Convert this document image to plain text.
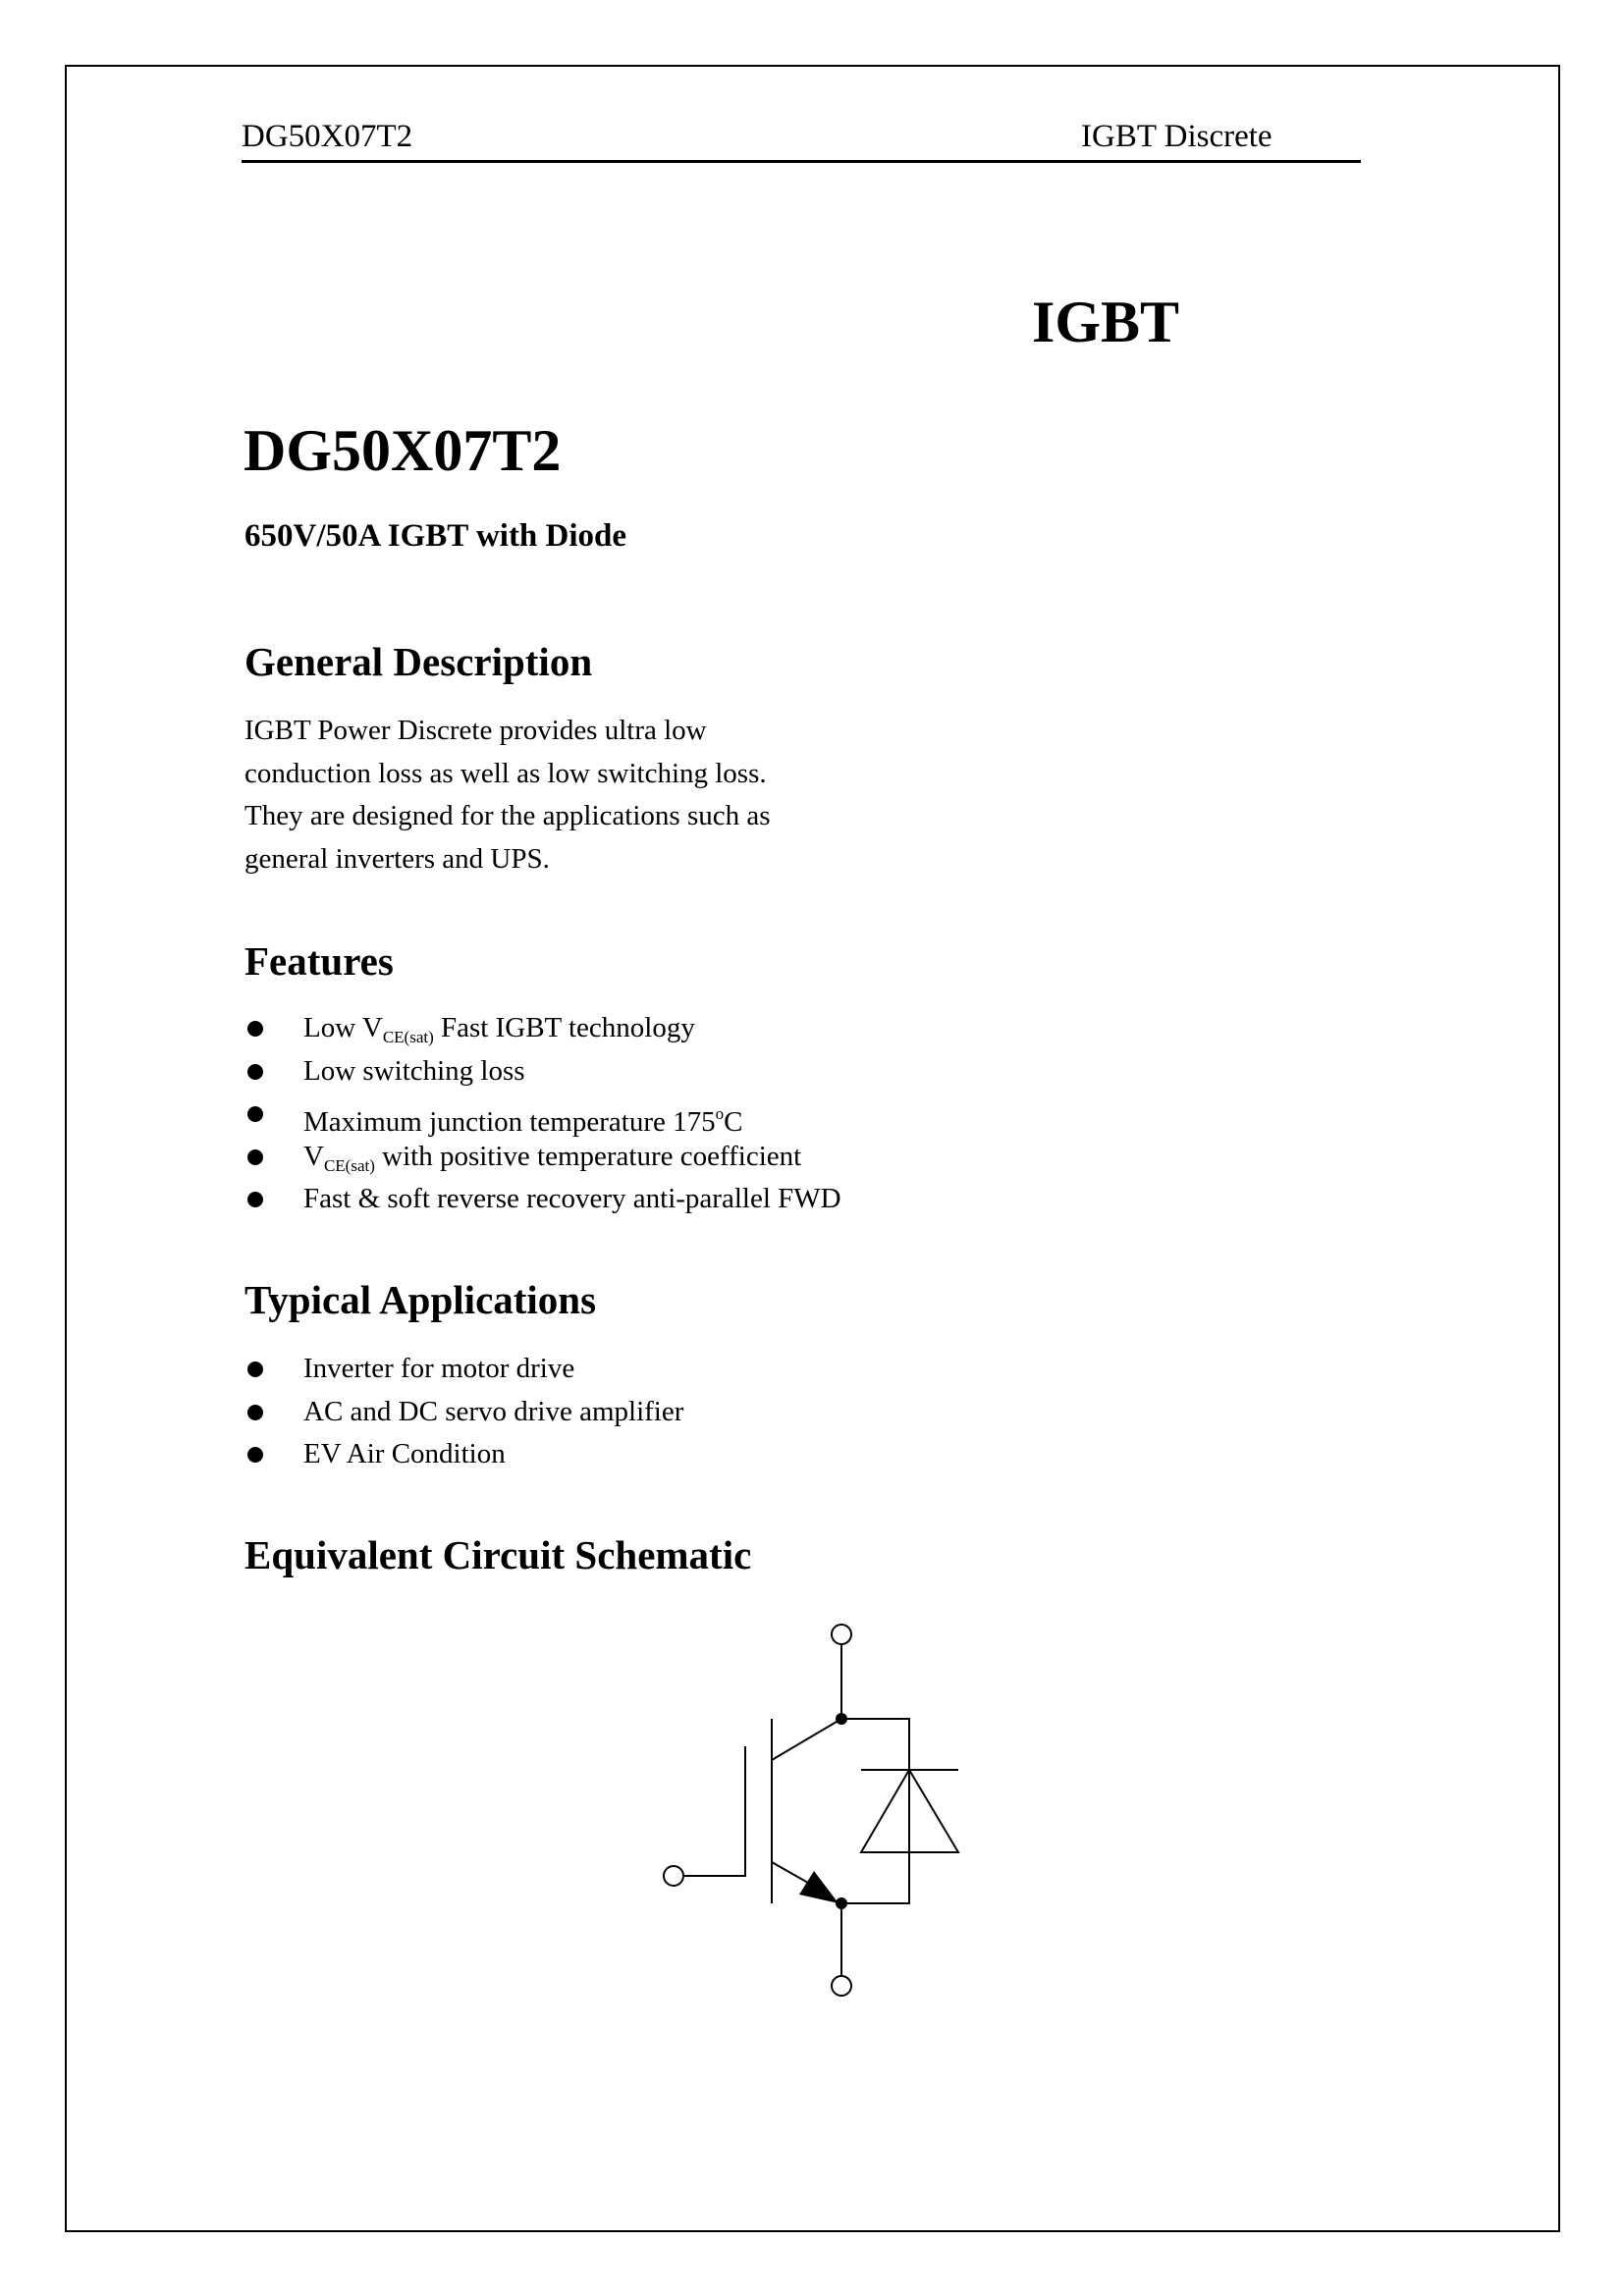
DG50X07T2	IGBT Discrete
IGBT
DG50X07T2
650V/50A IGBT with Diode
General Description
IGBT Power Discrete provides ultra low
conduction loss as well as low switching loss.
They are designed for the applications such as
general inverters and UPS.
Features
Low $V_{CE(sat)}$ Fast IGBT technology
Low switching loss
Maximum junction temperature 175$^o$C
$V_{CE(sat)}$ with positive temperature coefficient
Fast & soft reverse recovery anti-parallel FWD
Typical Applications
Inverter for motor drive
AC and DC servo drive amplifier
EV Air Condition
Equivalent Circuit Schematic
